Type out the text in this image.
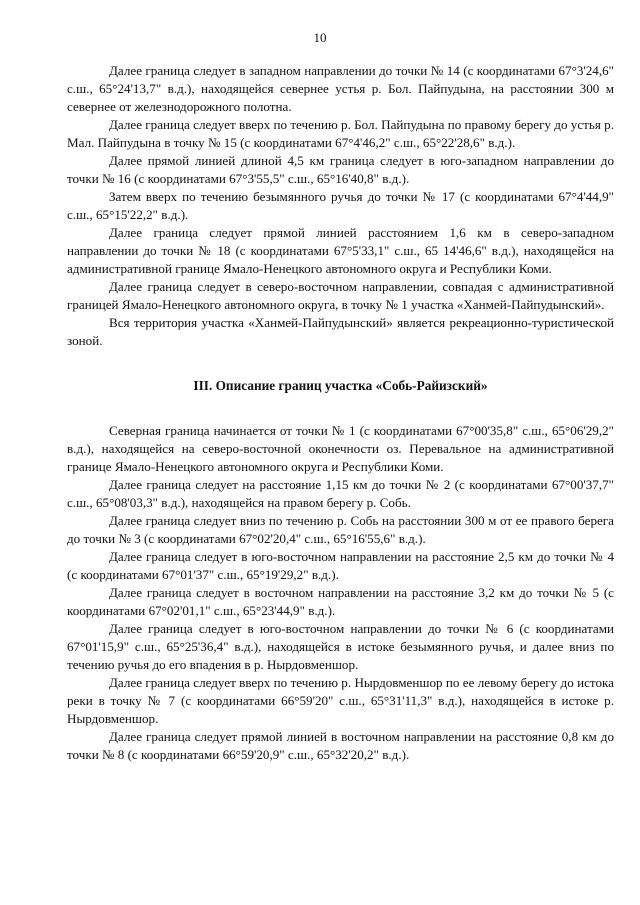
10

Далее граница следует в западном направлении до точки № 14 (с координатами 67°3'24,6" с.ш., 65°24'13,7" в.д.), находящейся севернее устья р. Бол. Пайпудына, на расстоянии 300 м севернее от железнодорожного полотна.

Далее граница следует вверх по течению р. Бол. Пайпудына по правому берегу до устья р. Мал. Пайпудына в точку № 15 (с координатами 67°4'46,2" с.ш., 65°22'28,6" в.д.).

Далее прямой линией длиной 4,5 км граница следует в юго-западном направлении до точки № 16 (с координатами 67°3'55,5" с.ш., 65°16'40,8" в.д.).

Затем вверх по течению безымянного ручья до точки № 17 (с координатами 67°4'44,9" с.ш., 65°15'22,2" в.д.).

Далее граница следует прямой линией расстоянием 1,6 км в северо-западном направлении до точки № 18 (с координатами 67°5'33,1" с.ш., 65 14'46,6" в.д.), находящейся на административной границе Ямало-Ненецкого автономного округа и Республики Коми.

Далее граница следует в северо-восточном направлении, совпадая с административной границей Ямало-Ненецкого автономного округа, в точку № 1 участка «Ханмей-Пайпудынский».

Вся территория участка «Ханмей-Пайпудынский» является рекреационно-туристической зоной.

III. Описание границ участка «Собь-Райизский»

Северная граница начинается от точки № 1 (с координатами 67°00'35,8" с.ш., 65°06'29,2" в.д.), находящейся на северо-восточной оконечности оз. Перевальное на административной границе Ямало-Ненецкого автономного округа и Республики Коми.

Далее граница следует на расстояние 1,15 км до точки № 2 (с координатами 67°00'37,7" с.ш., 65°08'03,3" в.д.), находящейся на правом берегу р. Собь.

Далее граница следует вниз по течению р. Собь на расстоянии 300 м от ее правого берега до точки № 3 (с координатами 67°02'20,4" с.ш., 65°16'55,6" в.д.).

Далее граница следует в юго-восточном направлении на расстояние 2,5 км до точки № 4 (с координатами 67°01'37" с.ш., 65°19'29,2" в.д.).

Далее граница следует в восточном направлении на расстояние 3,2 км до точки № 5 (с координатами 67°02'01,1" с.ш., 65°23'44,9" в.д.).

Далее граница следует в юго-восточном направлении до точки № 6 (с координатами 67°01'15,9" с.ш., 65°25'36,4" в.д.), находящейся в истоке безымянного ручья, и далее вниз по течению ручья до его впадения в р. Нырдовменшор.

Далее граница следует вверх по течению р. Нырдовменшор по ее левому берегу до истока реки в точку № 7 (с координатами 66°59'20" с.ш., 65°31'11,3" в.д.), находящейся в истоке р. Нырдовменшор.

Далее граница следует прямой линией в восточном направлении на расстояние 0,8 км до точки № 8 (с координатами 66°59'20,9" с.ш., 65°32'20,2" в.д.).
